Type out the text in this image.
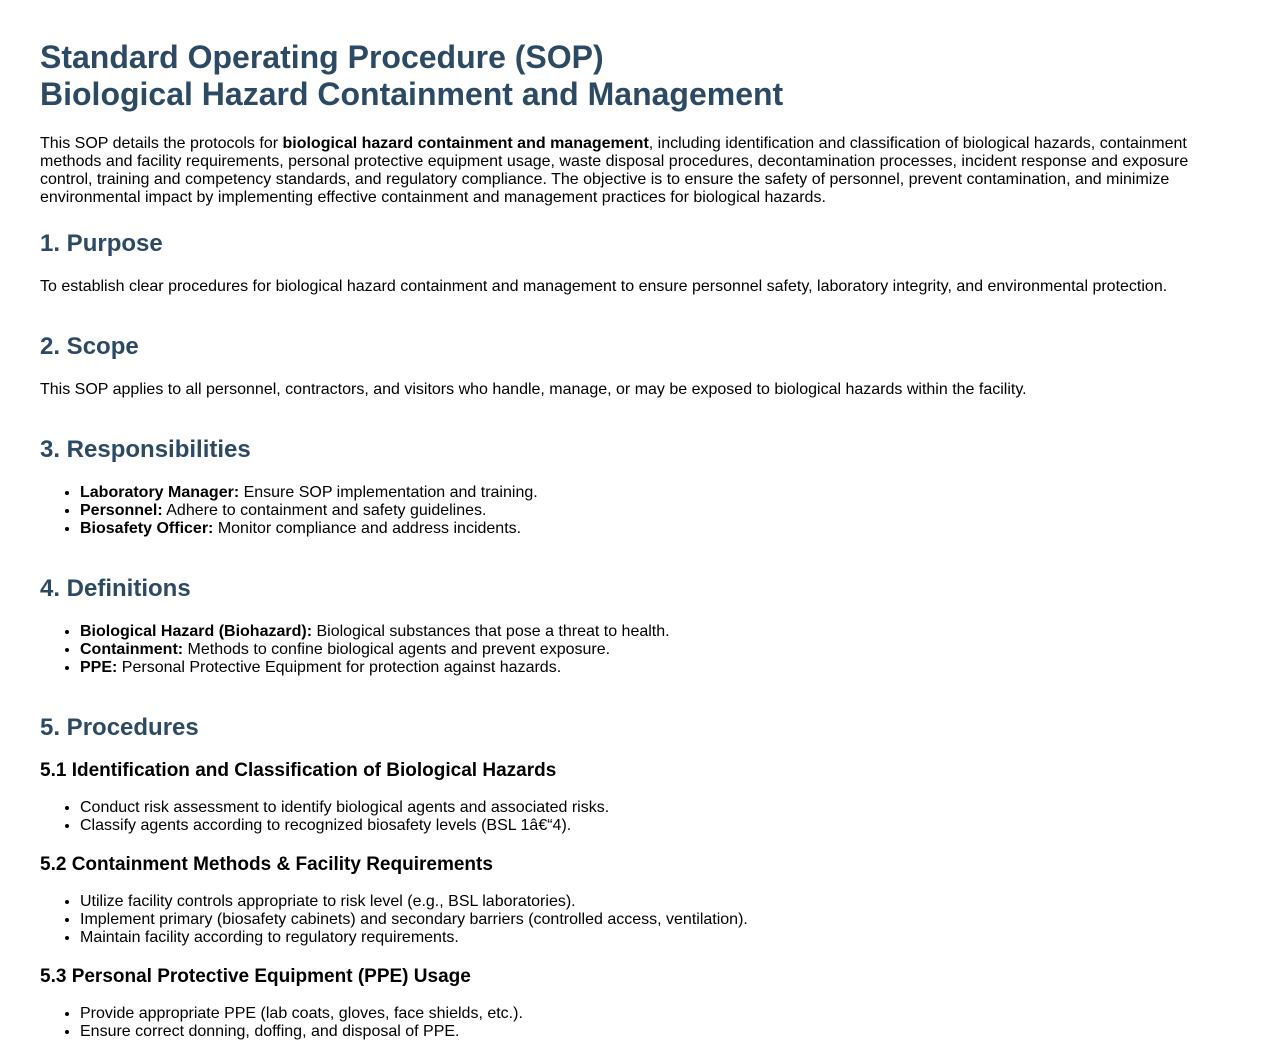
Standard Operating Procedure (SOP)
Biological Hazard Containment and Management

This SOP details the protocols for biological hazard containment and management, including identification and classification of biological hazards, containment methods and facility requirements, personal protective equipment usage, waste disposal procedures, decontamination processes, incident response and exposure control, training and competency standards, and regulatory compliance. The objective is to ensure the safety of personnel, prevent contamination, and minimize environmental impact by implementing effective containment and management practices for biological hazards.

1. Purpose

To establish clear procedures for biological hazard containment and management to ensure personnel safety, laboratory integrity, and environmental protection.

2. Scope

This SOP applies to all personnel, contractors, and visitors who handle, manage, or may be exposed to biological hazards within the facility.

3. Responsibilities
• Laboratory Manager: Ensure SOP implementation and training.
• Personnel: Adhere to containment and safety guidelines.
• Biosafety Officer: Monitor compliance and address incidents.
4. Definitions
• Biological Hazard (Biohazard): Biological substances that pose a threat to health.
• Containment: Methods to confine biological agents and prevent exposure.
• PPE: Personal Protective Equipment for protection against hazards.
5. Procedures
5.1 Identification and Classification of Biological Hazards
• Conduct risk assessment to identify biological agents and associated risks.
• Classify agents according to recognized biosafety levels (BSL 1â€“4).
5.2 Containment Methods & Facility Requirements
• Utilize facility controls appropriate to risk level (e.g., BSL laboratories).
• Implement primary (biosafety cabinets) and secondary barriers (controlled access, ventilation).
• Maintain facility according to regulatory requirements.
5.3 Personal Protective Equipment (PPE) Usage
• Provide appropriate PPE (lab coats, gloves, face shields, etc.).
• Ensure correct donning, doffing, and disposal of PPE.
